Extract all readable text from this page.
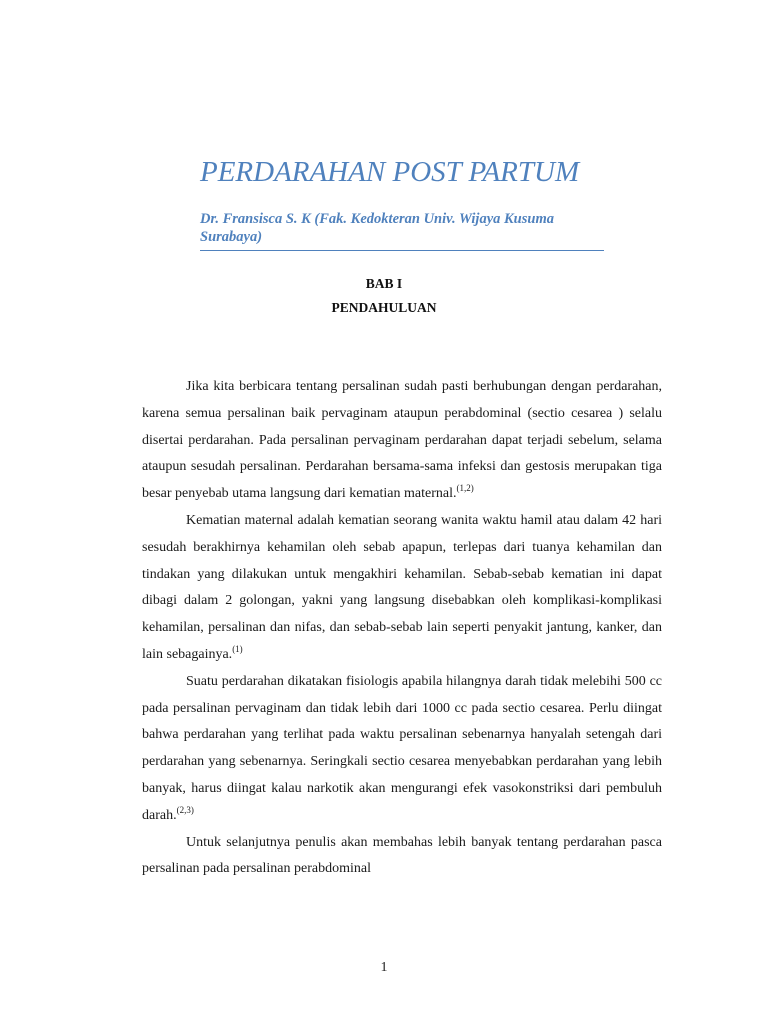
PERDARAHAN POST PARTUM
Dr. Fransisca S. K (Fak. Kedokteran Univ. Wijaya Kusuma Surabaya)
BAB I
PENDAHULUAN

Jika kita berbicara tentang persalinan sudah pasti berhubungan dengan perdarahan, karena semua persalinan baik pervaginam ataupun perabdominal (sectio cesarea ) selalu disertai perdarahan. Pada persalinan pervaginam perdarahan dapat terjadi sebelum, selama ataupun sesudah persalinan. Perdarahan bersama-sama infeksi dan gestosis merupakan tiga besar penyebab utama langsung dari kematian maternal.$^{(1,2)}$

Kematian maternal adalah kematian seorang wanita waktu hamil atau dalam 42 hari sesudah berakhirnya kehamilan oleh sebab apapun, terlepas dari tuanya kehamilan dan tindakan yang dilakukan untuk mengakhiri kehamilan. Sebab-sebab kematian ini dapat dibagi dalam 2 golongan, yakni yang langsung disebabkan oleh komplikasi-komplikasi kehamilan, persalinan dan nifas, dan sebab-sebab lain seperti penyakit jantung, kanker, dan lain sebagainya.$^{(1)}$

Suatu perdarahan dikatakan fisiologis apabila hilangnya darah tidak melebihi 500 cc pada persalinan pervaginam dan tidak lebih dari 1000 cc pada sectio cesarea. Perlu diingat bahwa perdarahan yang terlihat pada waktu persalinan sebenarnya hanyalah setengah dari perdarahan yang sebenarnya. Seringkali sectio cesarea menyebabkan perdarahan yang lebih banyak, harus diingat kalau narkotik akan mengurangi efek vasokonstriksi dari pembuluh darah.$^{(2,3)}$

Untuk selanjutnya penulis akan membahas lebih banyak tentang perdarahan pasca persalinan pada persalinan perabdominal

1
